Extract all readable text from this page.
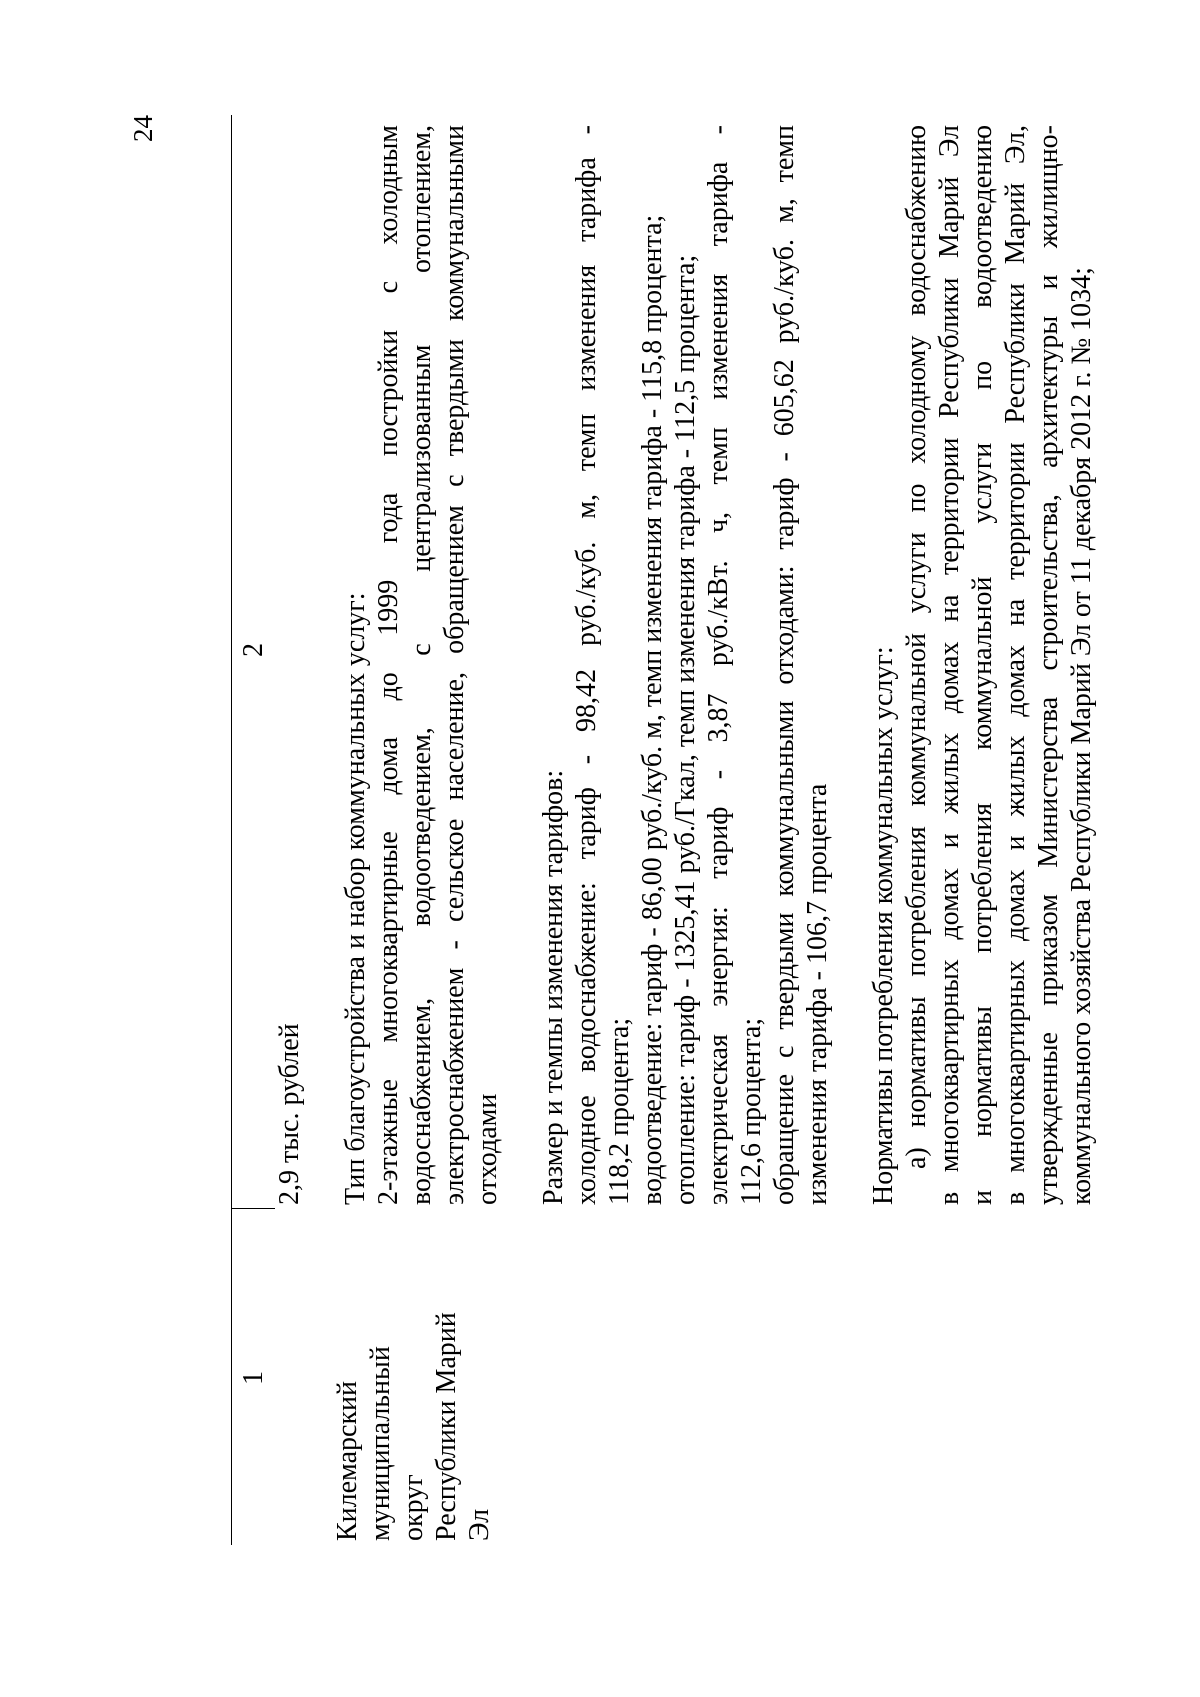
24
1
2
Килемарский муниципальный округ Республики Марий Эл
2,9 тыс. рублей Тип благоустройства и набор коммунальных услуг: 2-этажные многоквартирные дома до 1999 года постройки с холодным водоснабжением, водоотведением, с централизованным отоплением, электроснабжением - сельское население, обращением с твердыми коммунальными отходами Размер и темпы изменения тарифов: холодное водоснабжение: тариф - 98,42 руб./куб. м, темп изменения тарифа - 118,2 процента; водоотведение: тариф - 86,00 руб./куб. м, темп изменения тарифа - 115,8 процента; отопление: тариф - 1325,41 руб./Гкал, темп изменения тарифа - 112,5 процента; электрическая энергия: тариф - 3,87 руб./кВт. ч, темп изменения тарифа - 112,6 процента; обращение с твердыми коммунальными отходами: тариф - 605,62 руб./куб. м, темп изменения тарифа - 106,7 процента Нормативы потребления коммунальных услуг: а) нормативы потребления коммунальной услуги по холодному водоснабжению в многоквартирных домах и жилых домах на территории Республики Марий Эл и нормативы потребления коммунальной услуги по водоотведению в многоквартирных домах и жилых домах на территории Республики Марий Эл, утвержденные приказом Министерства строительства, архитектуры и жилищно- коммунального хозяйства Республики Марий Эл от 11 декабря 2012 г. № 1034;
